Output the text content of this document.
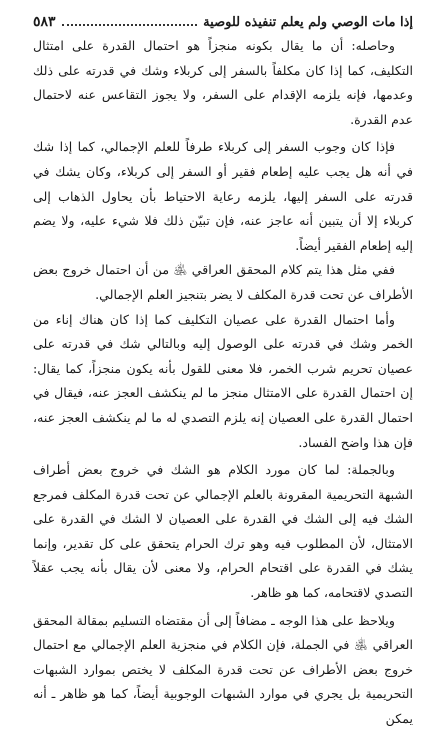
إذا مات الوصي ولم يعلم تنفيذه للوصية
٥٨٣

وحاصله: أن ما يقال بكونه منجزاً هو احتمال القدرة على امتثال التكليف، كما إذا كان مكلفاً بالسفر إلى كربلاء وشك في قدرته على ذلك وعدمها، فإنه يلزمه الإقدام على السفر، ولا يجوز التقاعس عنه لاحتمال عدم القدرة.

فإذا كان وجوب السفر إلى كربلاء طرفاً للعلم الإجمالي، كما إذا شك في أنه هل يجب عليه إطعام فقير أو السفر إلى كربلاء، وكان يشك في قدرته على السفر إليها، يلزمه رعاية الاحتياط بأن يحاول الذهاب إلى كربلاء إلا أن يتبين أنه عاجز عنه، فإن تبيّن ذلك فلا شيء عليه، ولا يضم إليه إطعام الفقير أيضاً.

ففي مثل هذا يتم كلام المحقق العراقي ﵁ من أن احتمال خروج بعض الأطراف عن تحت قدرة المكلف لا يضر بتنجيز العلم الإجمالي.

وأما احتمال القدرة على عصيان التكليف كما إذا كان هناك إناء من الخمر وشك في قدرته على الوصول إليه وبالتالي شك في قدرته على عصيان تحريم شرب الخمر، فلا معنى للقول بأنه يكون منجزاً، كما يقال: إن احتمال القدرة على الامتثال منجز ما لم ينكشف العجز عنه، فيقال في احتمال القدرة على العصيان إنه يلزم التصدي له ما لم ينكشف العجز عنه، فإن هذا واضح الفساد.

وبالجملة: لما كان مورد الكلام هو الشك في خروج بعض أطراف الشبهة التحريمية المقرونة بالعلم الإجمالي عن تحت قدرة المكلف فمرجع الشك فيه إلى الشك في القدرة على العصيان لا الشك في القدرة على الامتثال، لأن المطلوب فيه وهو ترك الحرام يتحقق على كل تقدير، وإنما يشك في القدرة على اقتحام الحرام، ولا معنى لأن يقال بأنه يجب عقلاً التصدي لاقتحامه، كما هو ظاهر.

ويلاحظ على هذا الوجه ـ مضافاً إلى أن مقتضاه التسليم بمقالة المحقق العراقي ﵁ في الجملة، فإن الكلام في منجزية العلم الإجمالي مع احتمال خروج بعض الأطراف عن تحت قدرة المكلف لا يختص بموارد الشبهات التحريمية بل يجري في موارد الشبهات الوجوبية أيضاً، كما هو ظاهر ـ أنه يمكن
